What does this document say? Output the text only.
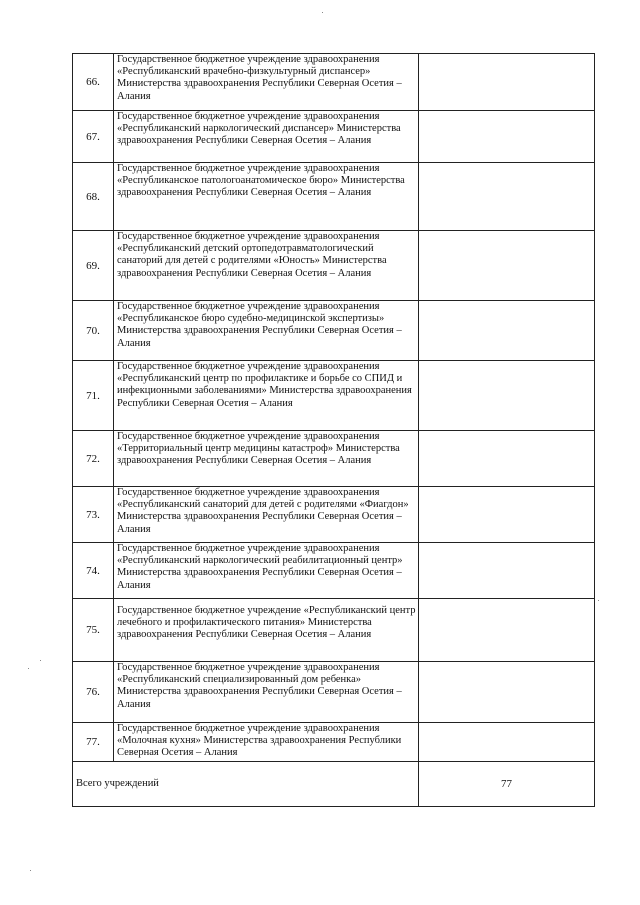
66.	Государственное бюджетное учреждение здравоохранения «Республиканский врачебно-физкультурный диспансер» Министерства здравоохранения Республики Северная Осетия – Алания	
67.	Государственное бюджетное учреждение здравоохранения «Республиканский наркологический диспансер» Министерства здравоохранения Республики Северная Осетия – Алания	
68.	Государственное бюджетное учреждение здравоохранения «Республиканское патологоанатомическое бюро» Министерства здравоохранения Республики Северная Осетия – Алания	
69.	Государственное бюджетное учреждение здравоохранения «Республиканский детский ортопедотравматологический санаторий для детей с родителями «Юность» Министерства здравоохранения Республики Северная Осетия – Алания	
70.	Государственное бюджетное учреждение здравоохранения «Республиканское бюро судебно-медицинской экспертизы» Министерства здравоохранения Республики Северная Осетия – Алания	
71.	Государственное бюджетное учреждение здравоохранения «Республиканский центр по профилактике и борьбе со СПИД и инфекционными заболеваниями» Министерства здравоохранения Республики Северная Осетия – Алания	
72.	Государственное бюджетное учреждение здравоохранения «Территориальный центр медицины катастроф» Министерства здравоохранения Республики Северная Осетия – Алания	
73.	Государственное бюджетное учреждение здравоохранения «Республиканский санаторий для детей с родителями «Фиагдон» Министерства здравоохранения Республики Северная Осетия – Алания	
74.	Государственное бюджетное учреждение здравоохранения «Республиканский наркологический реабилитационный центр» Министерства здравоохранения Республики Северная Осетия – Алания	
75.	Государственное бюджетное учреждение «Республиканский центр лечебного и профилактического питания» Министерства здравоохранения Республики Северная Осетия – Алания	
76.	Государственное бюджетное учреждение здравоохранения «Республиканский специализированный дом ребенка» Министерства здравоохранения Республики Северная Осетия – Алания	
77.	Государственное бюджетное учреждение здравоохранения «Молочная кухня» Министерства здравоохранения Республики Северная Осетия – Алания	
Всего учреждений		77
